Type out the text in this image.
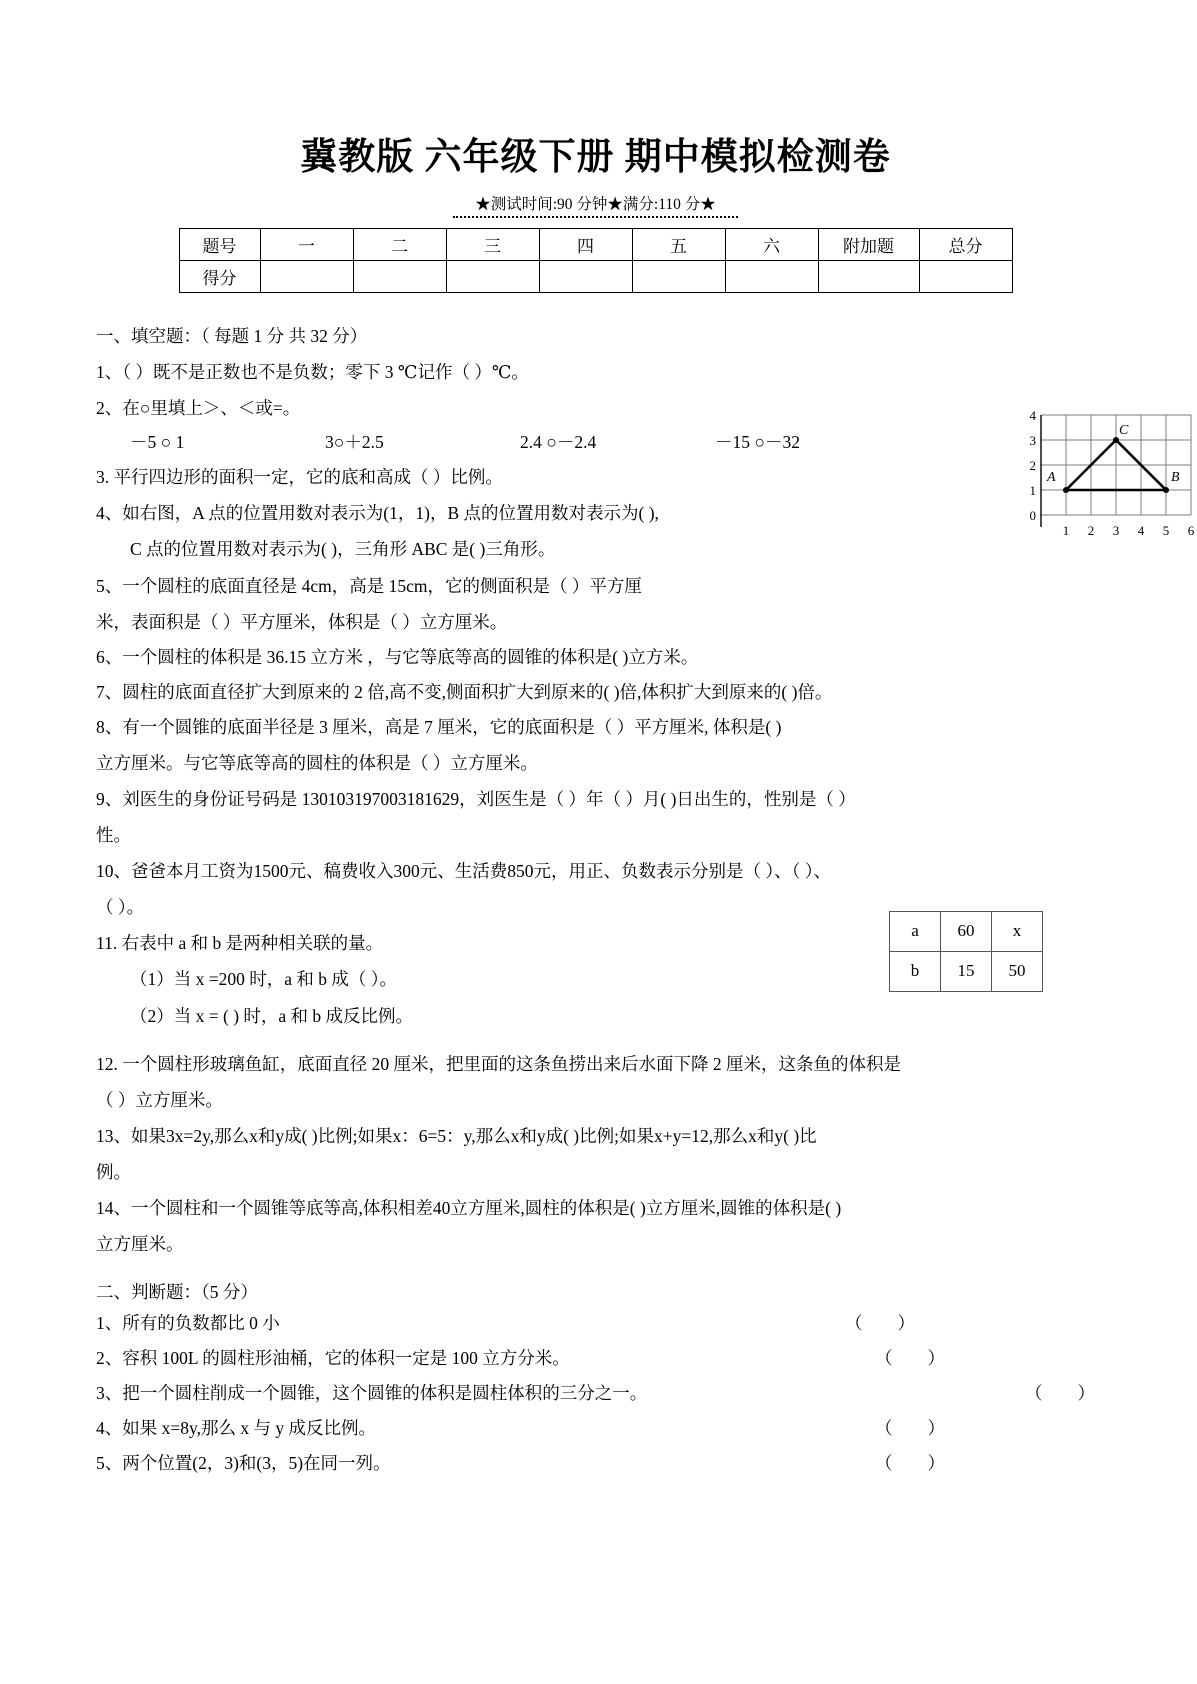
冀教版 六年级下册 期中模拟检测卷
★测试时间:90 分钟★满分:110 分★
题号	一	二	三	四	五	六	附加题	总分
得分								
4
3
2
1
0
1 2 3 4 5 6
A
C
B
a	60	x
b	15	50
一、填空题：（ 每题 1 分 共 32 分）
1、（ ）既不是正数也不是负数；零下 3 ℃记作（ ）℃。
2、在○里填上＞、＜或=。
－5 ○ 1	3○＋2.5	2.4 ○－2.4	－15 ○－32
3. 平行四边形的面积一定，它的底和高成（ ）比例。
4、如右图，A 点的位置用数对表示为(1，1)，B 点的位置用数对表示为( ),
C 点的位置用数对表示为( )，三角形 ABC 是( )三角形。
5、一个圆柱的底面直径是 4cm，高是 15cm，它的侧面积是（ ）平方厘
米，表面积是（ ）平方厘米，体积是（ ）立方厘米。
6、一个圆柱的体积是 36.15 立方米 ，与它等底等高的圆锥的体积是( )立方米。
7、圆柱的底面直径扩大到原来的 2 倍,高不变,侧面积扩大到原来的( )倍,体积扩大到原来的( )倍。
8、有一个圆锥的底面半径是 3 厘米，高是 7 厘米，它的底面积是（ ）平方厘米, 体积是( )
立方厘米。与它等底等高的圆柱的体积是（ ）立方厘米。
9、刘医生的身份证号码是 130103197003181629，刘医生是（ ）年（ ）月( )日出生的，性别是（ ）
性。
10、爸爸本月工资为1500元、稿费收入300元、生活费850元，用正、负数表示分别是（ ）、（ ）、
（ ）。
11. 右表中 a 和 b 是两种相关联的量。
（1）当 x =200 时，a 和 b 成（ ）。
（2）当 x = ( ) 时，a 和 b 成反比例。
12. 一个圆柱形玻璃鱼缸，底面直径 20 厘米，把里面的这条鱼捞出来后水面下降 2 厘米，这条鱼的体积是
（ ）立方厘米。
13、如果3x=2y,那么x和y成( )比例;如果x：6=5：y,那么x和y成( )比例;如果x+y=12,那么x和y( )比
例。
14、一个圆柱和一个圆锥等底等高,体积相差40立方厘米,圆柱的体积是( )立方厘米,圆锥的体积是( )
立方厘米。
二、判断题：（5 分）
1、所有的负数都比 0 小	（        ）
2、容积 100L 的圆柱形油桶，它的体积一定是 100 立方分米。	（        ）
3、把一个圆柱削成一个圆锥，这个圆锥的体积是圆柱体积的三分之一。	（        ）
4、如果 x=8y,那么 x 与 y 成反比例。	（        ）
5、两个位置(2，3)和(3，5)在同一列。	（        ）
